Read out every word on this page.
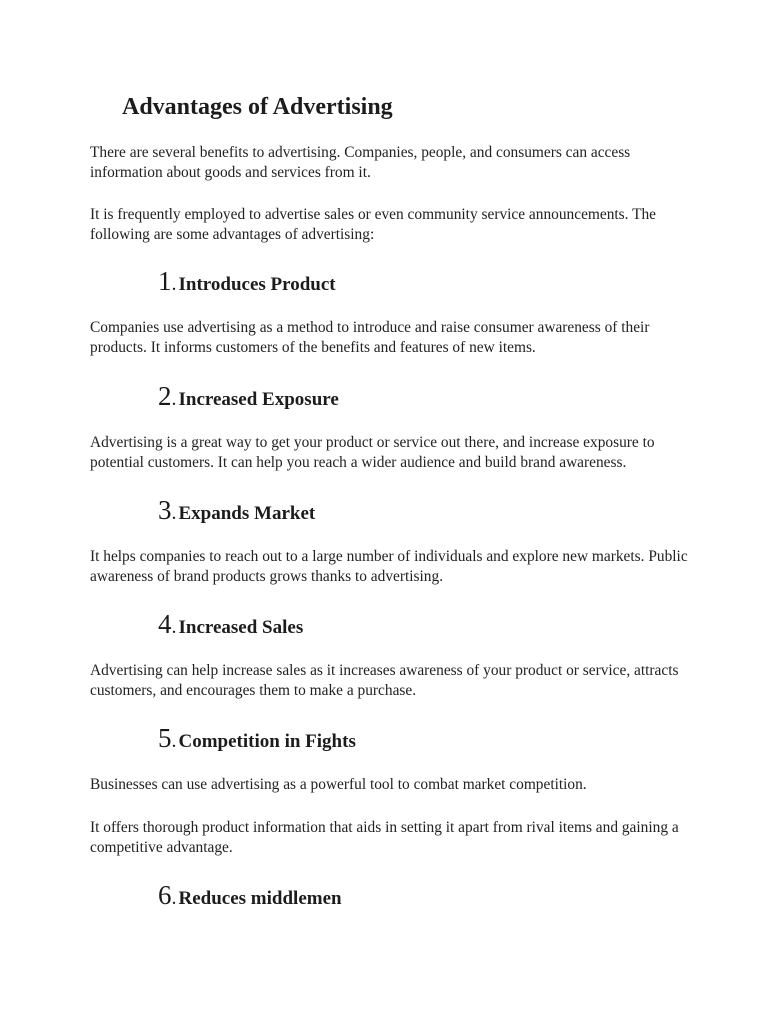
Advantages of Advertising

There are several benefits to advertising. Companies, people, and consumers can access information about goods and services from it.

It is frequently employed to advertise sales or even community service announcements. The following are some advantages of advertising:

1 . Introduces Product

Companies use advertising as a method to introduce and raise consumer awareness of their products. It informs customers of the benefits and features of new items.

2 . Increased Exposure

Advertising is a great way to get your product or service out there, and increase exposure to potential customers. It can help you reach a wider audience and build brand awareness.

3 . Expands Market

It helps companies to reach out to a large number of individuals and explore new markets. Public awareness of brand products grows thanks to advertising.

4 . Increased Sales

Advertising can help increase sales as it increases awareness of your product or service, attracts customers, and encourages them to make a purchase.

5 . Competition in Fights

Businesses can use advertising as a powerful tool to combat market competition.

It offers thorough product information that aids in setting it apart from rival items and gaining a competitive advantage.

6 . Reduces middlemen
